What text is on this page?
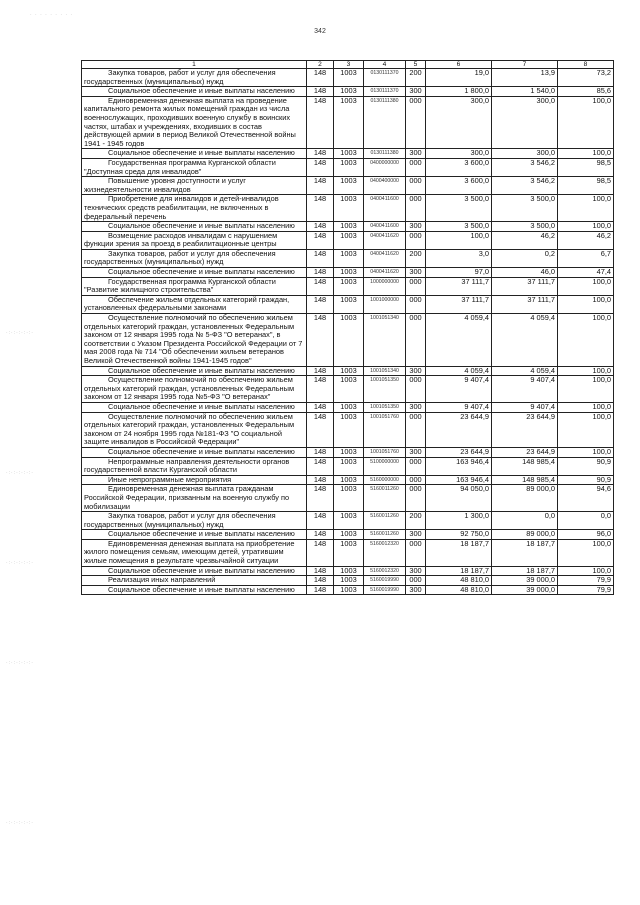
342
· · · · · · · · ·
·:·:·:·:·:·
·:·:·:·:·:·
·:·:·:·:·:·
·:·:·:·:·:·
·:·:·:·:·:·
1	2	3	4	5	6	7	8
Закупка товаров, работ и услуг для обеспечения государственных (муниципальных) нужд	148	1003	0130111370	200	19,0	13,9	73,2
Социальное обеспечение и иные выплаты населению	148	1003	0130111370	300	1 800,0	1 540,0	85,6
Единовременная денежная выплата на проведение капитального ремонта жилых помещений граждан из числа военнослужащих, проходивших военную службу в воинских частях, штабах и учреждениях, входивших в состав действующей армии в период Великой Отечественной войны 1941 - 1945 годов	148	1003	0130111380	000	300,0	300,0	100,0
Социальное обеспечение и иные выплаты населению	148	1003	0130111380	300	300,0	300,0	100,0
Государственная программа Курганской области "Доступная среда для инвалидов"	148	1003	0400000000	000	3 600,0	3 546,2	98,5
Повышение уровня доступности и услуг жизнедеятельности инвалидов	148	1003	0400400000	000	3 600,0	3 546,2	98,5
Приобретение для инвалидов и детей-инвалидов технических средств реабилитации, не включенных в федеральный перечень	148	1003	0400411600	000	3 500,0	3 500,0	100,0
Социальное обеспечение и иные выплаты населению	148	1003	0400411600	300	3 500,0	3 500,0	100,0
Возмещение расходов инвалидам с нарушением функции зрения за проезд в реабилитационные центры	148	1003	0400411620	000	100,0	46,2	46,2
Закупка товаров, работ и услуг для обеспечения государственных (муниципальных) нужд	148	1003	0400411620	200	3,0	0,2	6,7
Социальное обеспечение и иные выплаты населению	148	1003	0400411620	300	97,0	46,0	47,4
Государственная программа Курганской области "Развитие жилищного строительства"	148	1003	1000000000	000	37 111,7	37 111,7	100,0
Обеспечение жильем отдельных категорий граждан, установленных федеральными законами	148	1003	1001000000	000	37 111,7	37 111,7	100,0
Осуществление полномочий по обеспечению жильем отдельных категорий граждан, установленных Федеральным законом от 12 января 1995 года № 5-ФЗ "О ветеранах", в соответствии с Указом Президента Российской Федерации от 7 мая 2008 года № 714 "Об обеспечении жильем ветеранов Великой Отечественной войны 1941-1945 годов"	148	1003	1001051340	000	4 059,4	4 059,4	100,0
Социальное обеспечение и иные выплаты населению	148	1003	1001051340	300	4 059,4	4 059,4	100,0
Осуществление полномочий по обеспечению жильем отдельных категорий граждан, установленных Федеральным законом от 12 января 1995 года №5-ФЗ "О ветеранах"	148	1003	1001051350	000	9 407,4	9 407,4	100,0
Социальное обеспечение и иные выплаты населению	148	1003	1001051350	300	9 407,4	9 407,4	100,0
Осуществление полномочий по обеспечению жильем отдельных категорий граждан, установленных Федеральным законом от 24 ноября 1995 года №181-ФЗ "О социальной защите инвалидов в Российской Федерации"	148	1003	1001051760	000	23 644,9	23 644,9	100,0
Социальное обеспечение и иные выплаты населению	148	1003	1001051760	300	23 644,9	23 644,9	100,0
Непрограммные направления деятельности органов государственной власти Курганской области	148	1003	5100000000	000	163 946,4	148 985,4	90,9
Иные непрограммные мероприятия	148	1003	5160000000	000	163 946,4	148 985,4	90,9
Единовременная денежная выплата гражданам Российской Федерации, призванным на военную службу по мобилизации	148	1003	5160011260	000	94 050,0	89 000,0	94,6
Закупка товаров, работ и услуг для обеспечения государственных (муниципальных) нужд	148	1003	5160011260	200	1 300,0	0,0	0,0
Социальное обеспечение и иные выплаты населению	148	1003	5160011260	300	92 750,0	89 000,0	96,0
Единовременная денежная выплата на приобретение жилого помещения семьям, имеющим детей, утратившим жилые помещения в результате чрезвычайной ситуации	148	1003	5160012320	000	18 187,7	18 187,7	100,0
Социальное обеспечение и иные выплаты населению	148	1003	5160012320	300	18 187,7	18 187,7	100,0
Реализация иных направлений	148	1003	5160019990	000	48 810,0	39 000,0	79,9
Социальное обеспечение и иные выплаты населению	148	1003	5160019990	300	48 810,0	39 000,0	79,9
